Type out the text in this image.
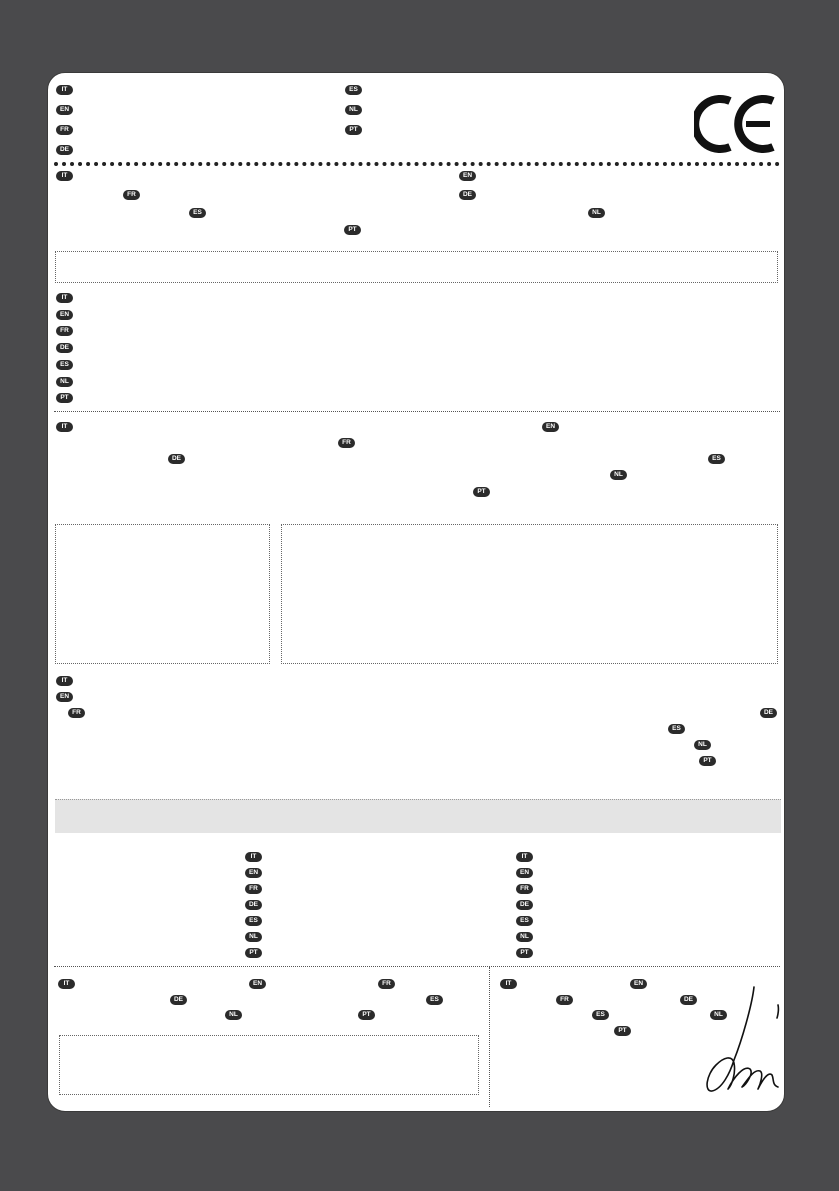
IT
EN
FR
DE
ES
NL
PT
IT	EN
FR	DE
ES	NL
PT
IT
EN
FR
DE
ES
NL
PT
IT	EN
FR
DE	ES
NL
PT
IT
EN
FR	DE
ES
NL
PT
IT
EN
FR
DE
ES
NL
PT
IT
EN
FR
DE
ES
NL
PT
IT	EN	FR
DE	ES
NL	PT
IT	EN
FR	DE
ES	NL
PT
